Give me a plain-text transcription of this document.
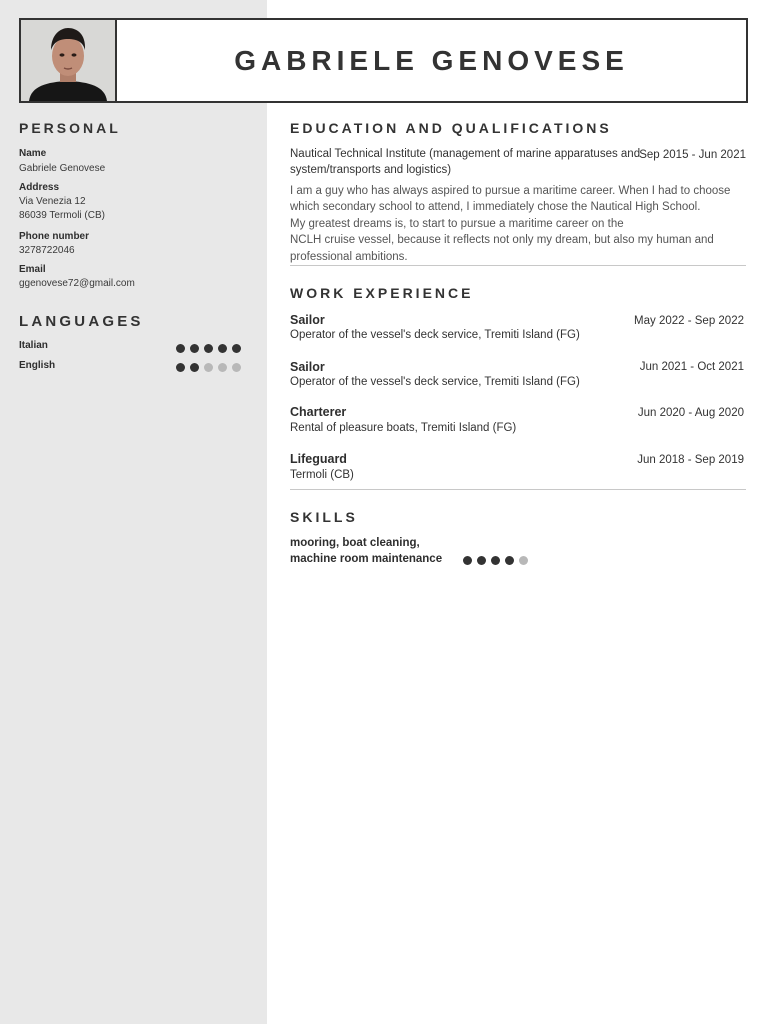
GABRIELE GENOVESE
PERSONAL
Name
Gabriele Genovese
Address
Via Venezia 12
86039 Termoli (CB)
Phone number
3278722046
Email
ggenovese72@gmail.com
LANGUAGES
Italian
English
EDUCATION AND QUALIFICATIONS
Nautical Technical Institute (management of marine apparatuses and
system/transports and logistics)
Sep 2015 - Jun 2021
I am a guy who has always aspired to pursue a maritime career. When I had to choose
which secondary school to attend, I immediately chose the Nautical High School.
My greatest dreams is, to start to pursue a maritime career on the
NCLH cruise vessel, because it reflects not only my dream, but also my human and
professional ambitions.
WORK EXPERIENCE
Sailor
Operator of the vessel's deck service, Tremiti Island (FG)
May 2022 - Sep 2022
Sailor
Operator of the vessel's deck service, Tremiti Island (FG)
Jun 2021 - Oct 2021
Charterer
Rental of pleasure boats, Tremiti Island (FG)
Jun 2020 - Aug 2020
Lifeguard
Termoli (CB)
Jun 2018 - Sep 2019
SKILLS
mooring, boat cleaning,
machine room maintenance
